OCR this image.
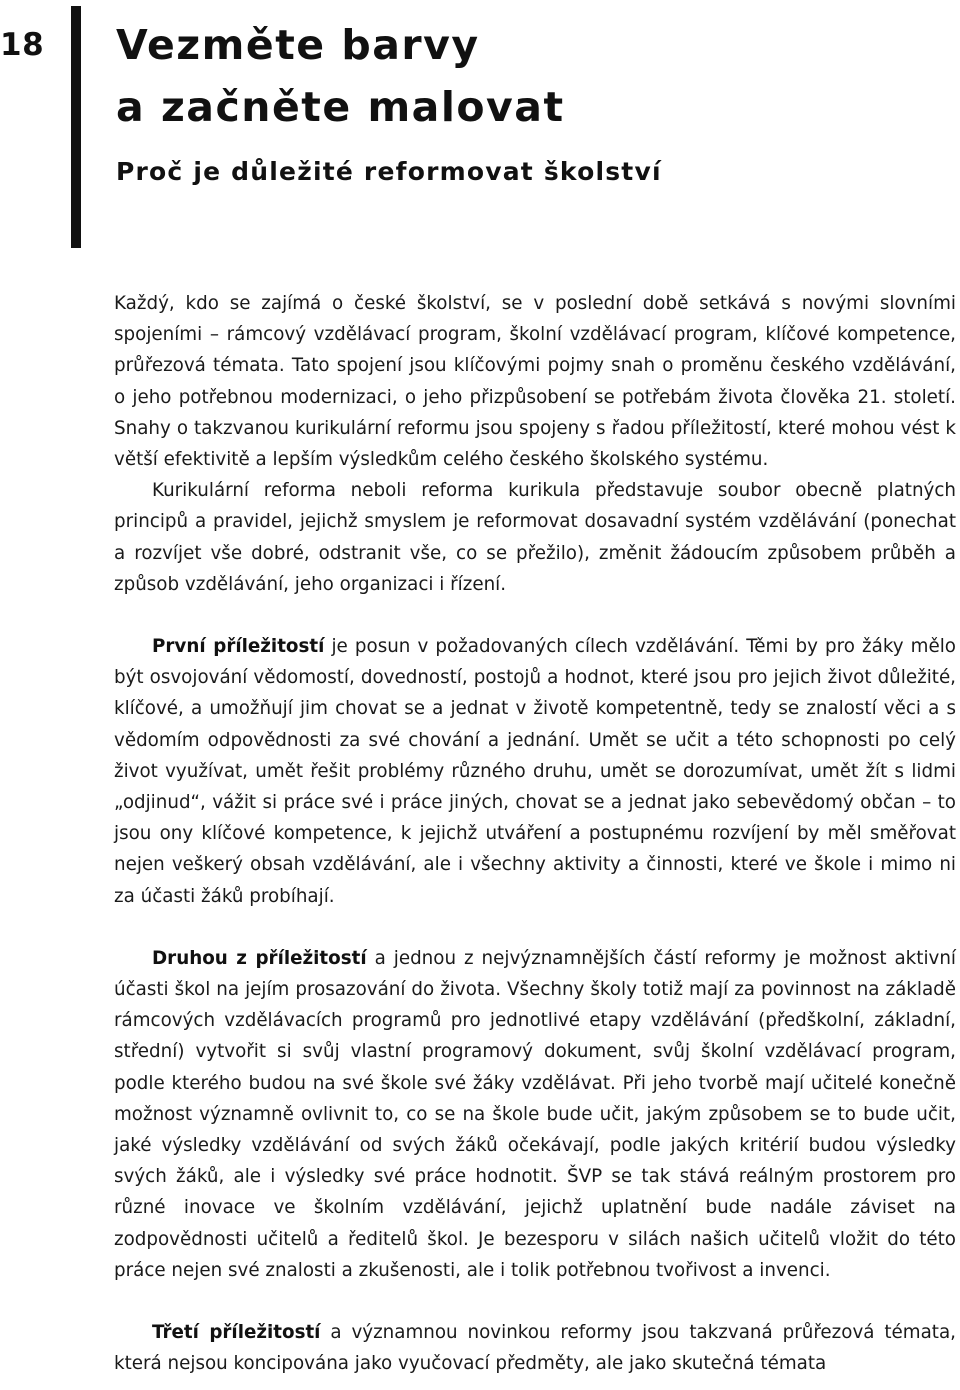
18 Vezměte barvy
a začněte malovat
Proč je důležité reformovat školství

Každý, kdo se zajímá o české školství, se v poslední době setkává s novými slovními spojeními – rámcový vzdělávací program, školní vzdělávací program, klíčové kompetence, průřezová témata. Tato spojení jsou klíčovými pojmy snah o proměnu českého vzdělávání, o jeho potřebnou modernizaci, o jeho přizpůsobení se potřebám života člověka 21. století. Snahy o takzvanou kurikulární reformu jsou spojeny s řadou příležitostí, které mohou vést k větší efektivitě a lepším výsledkům celého českého školského systému.

Kurikulární reforma neboli reforma kurikula představuje soubor obecně platných principů a pravidel, jejichž smyslem je reformovat dosavadní systém vzdělávání (ponechat a rozvíjet vše dobré, odstranit vše, co se přežilo), změnit žádoucím způsobem průběh a způsob vzdělávání, jeho organizaci i řízení.

První příležitostí je posun v požadovaných cílech vzdělávání. Těmi by pro žáky mělo být osvojování vědomostí, dovedností, postojů a hodnot, které jsou pro jejich život důležité, klíčové, a umožňují jim chovat se a jednat v životě kompetentně, tedy se znalostí věci a s vědomím odpovědnosti za své chování a jednání. Umět se učit a této schopnosti po celý život využívat, umět řešit problémy různého druhu, umět se dorozumívat, umět žít s lidmi „odjinud“, vážit si práce své i práce jiných, chovat se a jednat jako sebevědomý občan – to jsou ony klíčové kompetence, k jejichž utváření a postupnému rozvíjení by měl směřovat nejen veškerý obsah vzdělávání, ale i všechny aktivity a činnosti, které ve škole i mimo ni za účasti žáků probíhají.

Druhou z příležitostí a jednou z nejvýznamnějších částí reformy je možnost aktivní účasti škol na jejím prosazování do života. Všechny školy totiž mají za povinnost na základě rámcových vzdělávacích programů pro jednotlivé etapy vzdělávání (předškolní, základní, střední) vytvořit si svůj vlastní programový dokument, svůj školní vzdělávací program, podle kterého budou na své škole své žáky vzdělávat. Při jeho tvorbě mají učitelé konečně možnost významně ovlivnit to, co se na škole bude učit, jakým způsobem se to bude učit, jaké výsledky vzdělávání od svých žáků očekávají, podle jakých kritérií budou výsledky svých žáků, ale i výsledky své práce hodnotit. ŠVP se tak stává reálným prostorem pro různé inovace ve školním vzdělávání, jejichž uplatnění bude nadále záviset na zodpovědnosti učitelů a ředitelů škol. Je bezesporu v silách našich učitelů vložit do této práce nejen své znalosti a zkušenosti, ale i tolik potřebnou tvořivost a invenci.

Třetí příležitostí a významnou novinkou reformy jsou takzvaná průřezová témata, která nejsou koncipována jako vyučovací předměty, ale jako skutečná témata
